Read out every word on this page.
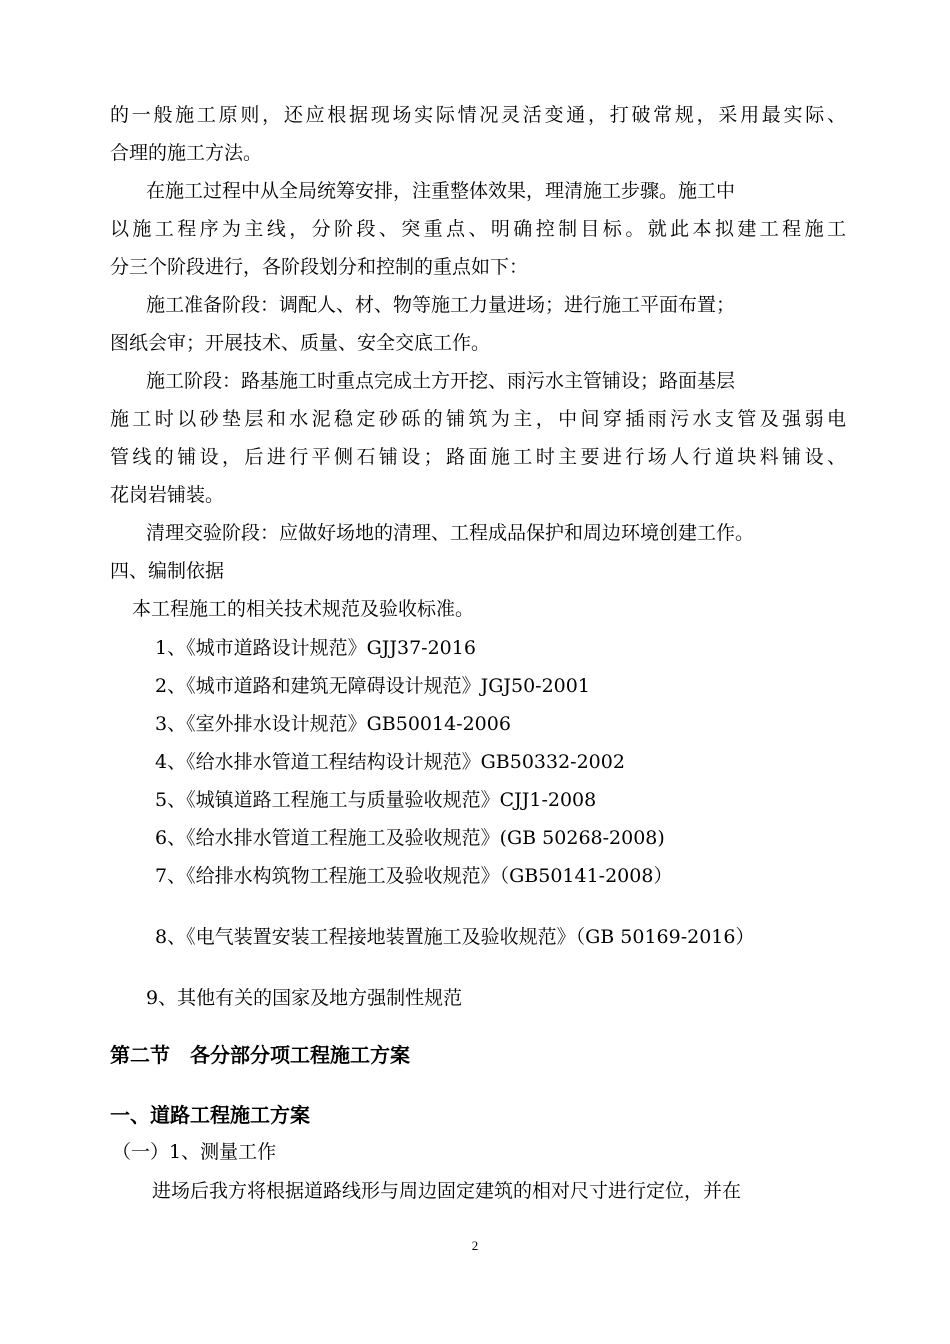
的一般施工原则，还应根据现场实际情况灵活变通，打破常规，采用最实际、
合理的施工方法。
在施工过程中从全局统筹安排，注重整体效果，理清施工步骤。施工中
以施工程序为主线，分阶段、突重点、明确控制目标。就此本拟建工程施工
分三个阶段进行，各阶段划分和控制的重点如下：
施工准备阶段：调配人、材、物等施工力量进场；进行施工平面布置；
图纸会审；开展技术、质量、安全交底工作。
施工阶段：路基施工时重点完成土方开挖、雨污水主管铺设；路面基层
施工时以砂垫层和水泥稳定砂砾的铺筑为主，中间穿插雨污水支管及强弱电
管线的铺设，后进行平侧石铺设；路面施工时主要进行场人行道块料铺设、
花岗岩铺装。
清理交验阶段：应做好场地的清理、工程成品保护和周边环境创建工作。
四、编制依据
本工程施工的相关技术规范及验收标准。
1、《城市道路设计规范》GJJ37-2016
2、《城市道路和建筑无障碍设计规范》JGJ50-2001
3、《室外排水设计规范》GB50014-2006
4、《给水排水管道工程结构设计规范》GB50332-2002
5、《城镇道路工程施工与质量验收规范》CJJ1-2008
6、《给水排水管道工程施工及验收规范》(GB 50268-2008)
7、《给排水构筑物工程施工及验收规范》（GB50141-2008）
8、《电气装置安装工程接地装置施工及验收规范》（GB 50169-2016）
9、其他有关的国家及地方强制性规范
第二节　各分部分项工程施工方案
一、道路工程施工方案
（一）1、测量工作
进场后我方将根据道路线形与周边固定建筑的相对尺寸进行定位，并在
2
